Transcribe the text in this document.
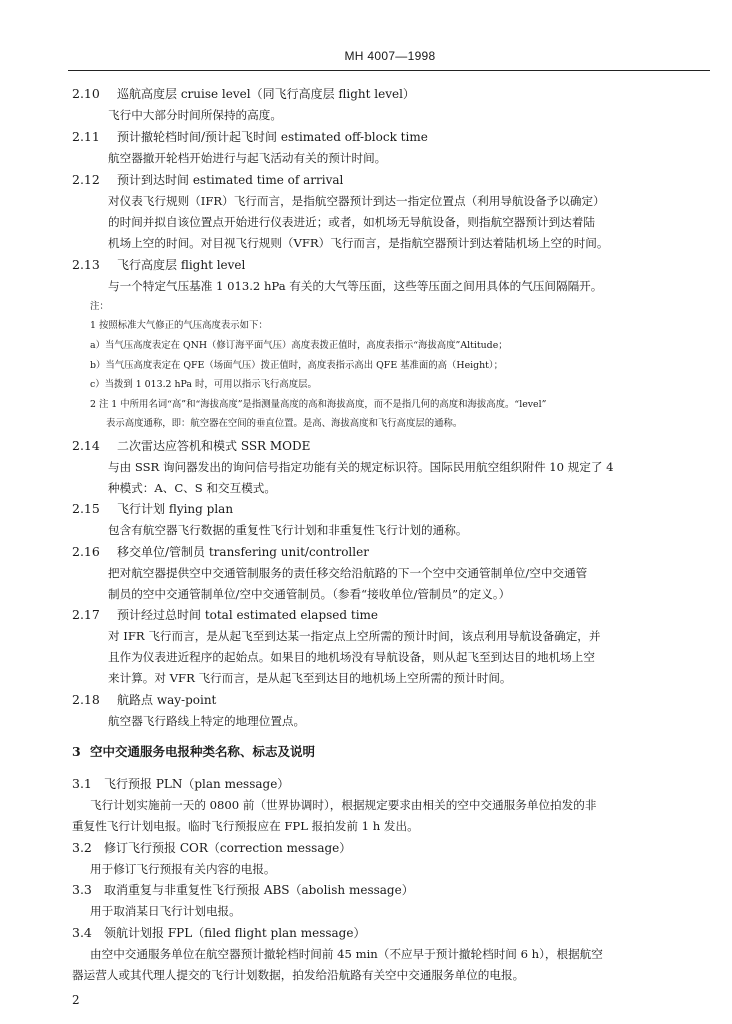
MH 4007—1998
2.10 巡航高度层 cruise level（同飞行高度层 flight level）
飞行中大部分时间所保持的高度。
2.11 预计撤轮档时间/预计起飞时间 estimated off-block time
航空器撤开轮档开始进行与起飞活动有关的预计时间。
2.12 预计到达时间 estimated time of arrival
对仪表飞行规则（IFR）飞行而言，是指航空器预计到达一指定位置点（利用导航设备予以确定）
的时间并拟自该位置点开始进行仪表进近；或者，如机场无导航设备，则指航空器预计到达着陆
机场上空的时间。对目视飞行规则（VFR）飞行而言，是指航空器预计到达着陆机场上空的时间。
2.13 飞行高度层 flight level
与一个特定气压基准 1 013.2 hPa 有关的大气等压面，这些等压面之间用具体的气压间隔隔开。
注：
1 按照标准大气修正的气压高度表示如下：
a）当气压高度表定在 QNH（修订海平面气压）高度表拨正值时，高度表指示“海拔高度”Altitude；
b）当气压高度表定在 QFE（场面气压）拨正值时，高度表指示高出 QFE 基准面的高（Height）；
c）当拨到 1 013.2 hPa 时，可用以指示飞行高度层。
2 注 1 中所用名词“高”和“海拔高度”是指测量高度的高和海拔高度，而不是指几何的高度和海拔高度。“level”
表示高度通称，即：航空器在空间的垂直位置。是高、海拔高度和飞行高度层的通称。
2.14 二次雷达应答机和模式 SSR MODE
与由 SSR 询问器发出的询问信号指定功能有关的规定标识符。国际民用航空组织附件 10 规定了 4
种模式：A、C、S 和交互模式。
2.15 飞行计划 flying plan
包含有航空器飞行数据的重复性飞行计划和非重复性飞行计划的通称。
2.16 移交单位/管制员 transfering unit/controller
把对航空器提供空中交通管制服务的责任移交给沿航路的下一个空中交通管制单位/空中交通管
制员的空中交通管制单位/空中交通管制员。（参看“接收单位/管制员”的定义。）
2.17 预计经过总时间 total estimated elapsed time
对 IFR 飞行而言，是从起飞至到达某一指定点上空所需的预计时间，该点利用导航设备确定，并
且作为仪表进近程序的起始点。如果目的地机场没有导航设备，则从起飞至到达目的地机场上空
来计算。对 VFR 飞行而言，是从起飞至到达目的地机场上空所需的预计时间。
2.18 航路点 way-point
航空器飞行路线上特定的地理位置点。
3 空中交通服务电报种类名称、标志及说明
3.1 飞行预报 PLN（plan message）
飞行计划实施前一天的 0800 前（世界协调时），根据规定要求由相关的空中交通服务单位拍发的非
重复性飞行计划电报。临时飞行预报应在 FPL 报拍发前 1 h 发出。
3.2 修订飞行预报 COR（correction message）
用于修订飞行预报有关内容的电报。
3.3 取消重复与非重复性飞行预报 ABS（abolish message）
用于取消某日飞行计划电报。
3.4 领航计划报 FPL（filed flight plan message）
由空中交通服务单位在航空器预计撤轮档时间前 45 min（不应早于预计撤轮档时间 6 h），根据航空
器运营人或其代理人提交的飞行计划数据，拍发给沿航路有关空中交通服务单位的电报。
2
